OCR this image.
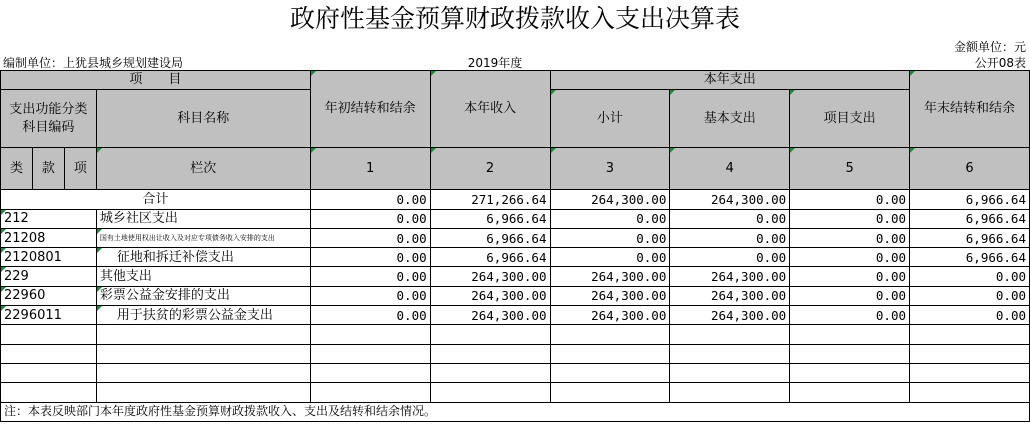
政府性基金预算财政拨款收入支出决算表
金额单位：元
编制单位：上犹县城乡规划建设局	2019年度	公开08表
项　　目				年初结转和结余	本年收入	本年支出			年末结转和结余
支出功能分类科目编码			科目名称			小计	基本支出	项目支出	

类	款	项							
			栏次	1	2	3	4	5	6
合计				0.00	271,266.64	264,300.00	264,300.00	0.00	6,966.64
212			城乡社区支出	0.00	6,966.64	0.00	0.00	0.00	6,966.64
21208			国有土地使用权出让收入及对应专项债务收入安排的支出	0.00	6,966.64	0.00	0.00	0.00	6,966.64
2120801			征地和拆迁补偿支出	0.00	6,966.64	0.00	0.00	0.00	6,966.64
229			其他支出	0.00	264,300.00	264,300.00	264,300.00	0.00	0.00
22960			彩票公益金安排的支出	0.00	264,300.00	264,300.00	264,300.00	0.00	0.00
2296011			用于扶贫的彩票公益金支出	0.00	264,300.00	264,300.00	264,300.00	0.00	0.00

注：本表反映部门本年度政府性基金预算财政拨款收入、支出及结转和结余情况。									
